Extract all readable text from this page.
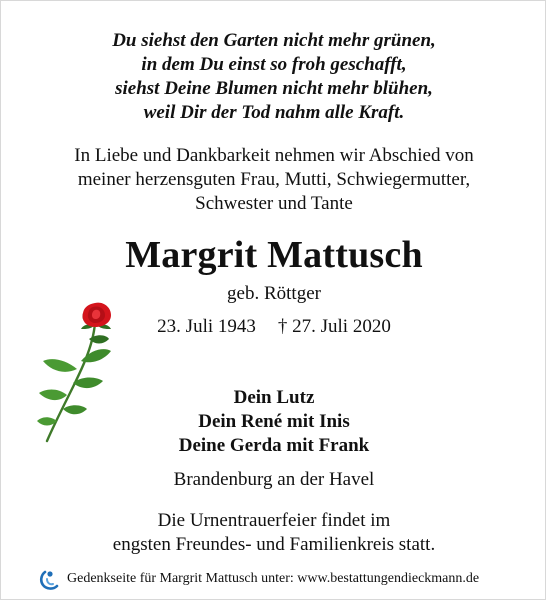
Du siehst den Garten nicht mehr grünen,
in dem Du einst so froh geschafft,
siehst Deine Blumen nicht mehr blühen,
weil Dir der Tod nahm alle Kraft.
In Liebe und Dankbarkeit nehmen wir Abschied von
meiner herzensguten Frau, Mutti, Schwiegermutter,
Schwester und Tante
Margrit Mattusch
geb. Röttger
23. Juli 1943 † 27. Juli 2020
Dein Lutz
Dein René mit Inis
Deine Gerda mit Frank
Brandenburg an der Havel
Die Urnentrauerfeier findet im
engsten Freundes- und Familienkreis statt.
Gedenkseite für Margrit Mattusch unter: www.bestattungendieckmann.de
